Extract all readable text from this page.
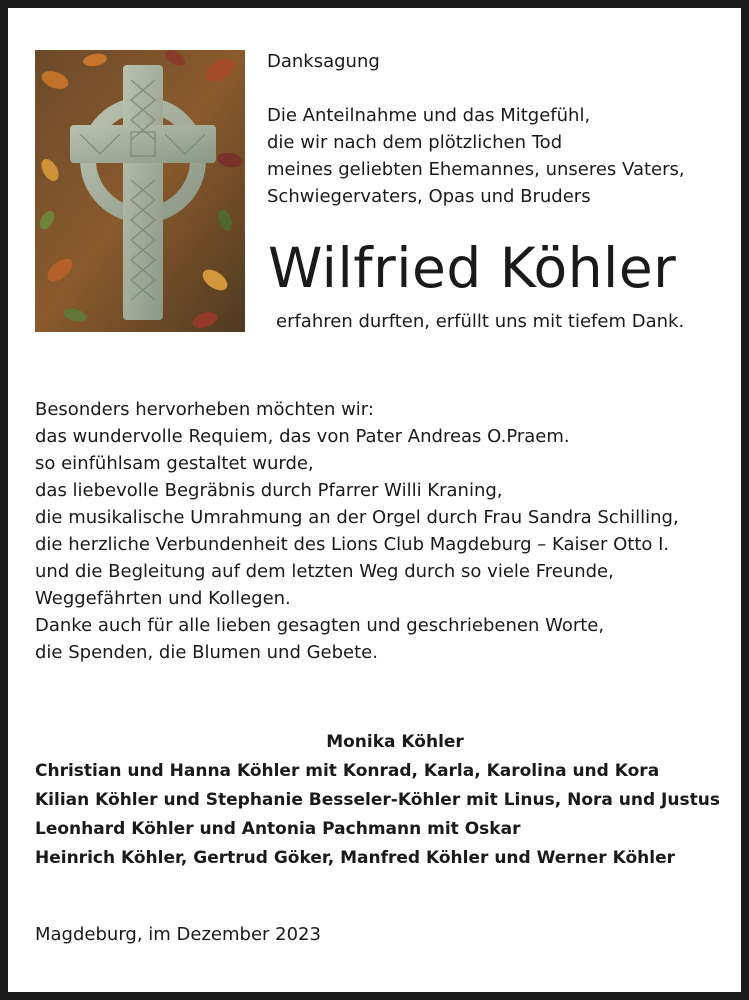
Danksagung
Die Anteilnahme und das Mitgefühl,
die wir nach dem plötzlichen Tod
meines geliebten Ehemannes, unseres Vaters,
Schwiegervaters, Opas und Bruders
Wilfried Köhler
erfahren durften, erfüllt uns mit tiefem Dank.
Besonders hervorheben möchten wir:
das wundervolle Requiem, das von Pater Andreas O.Praem.
so einfühlsam gestaltet wurde,
das liebevolle Begräbnis durch Pfarrer Willi Kraning,
die musikalische Umrahmung an der Orgel durch Frau Sandra Schilling,
die herzliche Verbundenheit des Lions Club Magdeburg – Kaiser Otto I.
und die Begleitung auf dem letzten Weg durch so viele Freunde,
Weggefährten und Kollegen.
Danke auch für alle lieben gesagten und geschriebenen Worte,
die Spenden, die Blumen und Gebete.
Monika Köhler
Christian und Hanna Köhler mit Konrad, Karla, Karolina und Kora
Kilian Köhler und Stephanie Besseler-Köhler mit Linus, Nora und Justus
Leonhard Köhler und Antonia Pachmann mit Oskar
Heinrich Köhler, Gertrud Göker, Manfred Köhler und Werner Köhler
Magdeburg, im Dezember 2023
